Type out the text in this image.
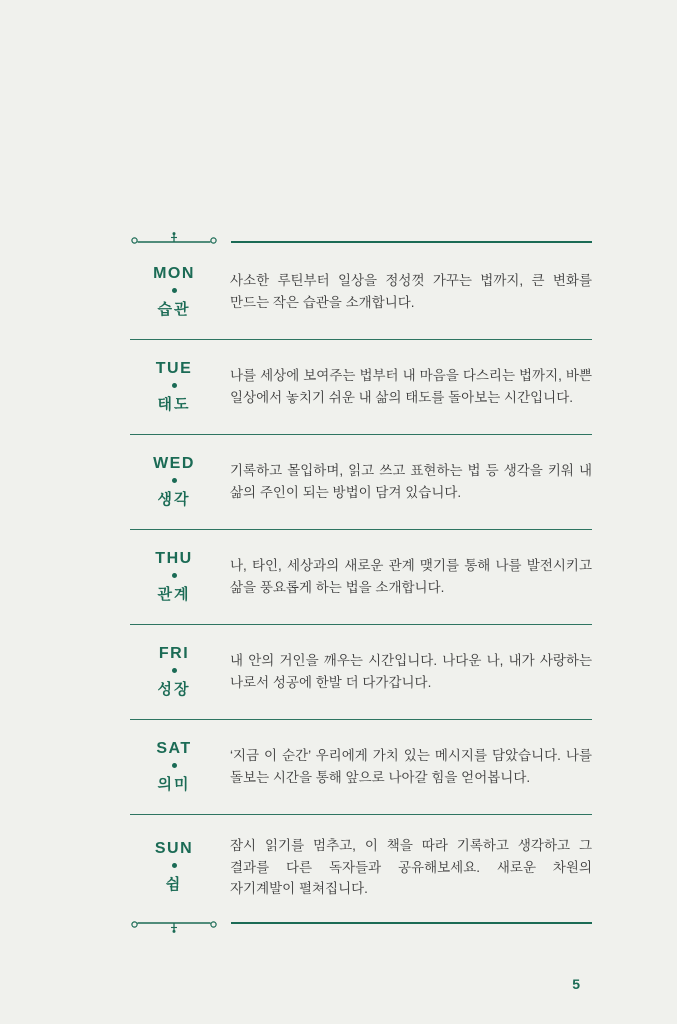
MON
습관

사소한 루틴부터 일상을 정성껏 가꾸는 법까지, 큰 변화를 만드는 작은 습관을 소개합니다.

TUE
태도

나를 세상에 보여주는 법부터 내 마음을 다스리는 법까지, 바쁜 일상에서 놓치기 쉬운 내 삶의 태도를 돌아보는 시간입니다.

WED
생각

기록하고 몰입하며, 읽고 쓰고 표현하는 법 등 생각을 키워 내 삶의 주인이 되는 방법이 담겨 있습니다.

THU
관계

나, 타인, 세상과의 새로운 관계 맺기를 통해 나를 발전시키고 삶을 풍요롭게 하는 법을 소개합니다.

FRI
성장

내 안의 거인을 깨우는 시간입니다. 나다운 나, 내가 사랑하는 나로서 성공에 한발 더 다가갑니다.

SAT
의미

‘지금 이 순간’ 우리에게 가치 있는 메시지를 담았습니다. 나를 돌보는 시간을 통해 앞으로 나아갈 힘을 얻어봅니다.

SUN
쉼

잠시 읽기를 멈추고, 이 책을 따라 기록하고 생각하고 그 결과를 다른 독자들과 공유해보세요. 새로운 차원의 자기계발이 펼쳐집니다.

5
